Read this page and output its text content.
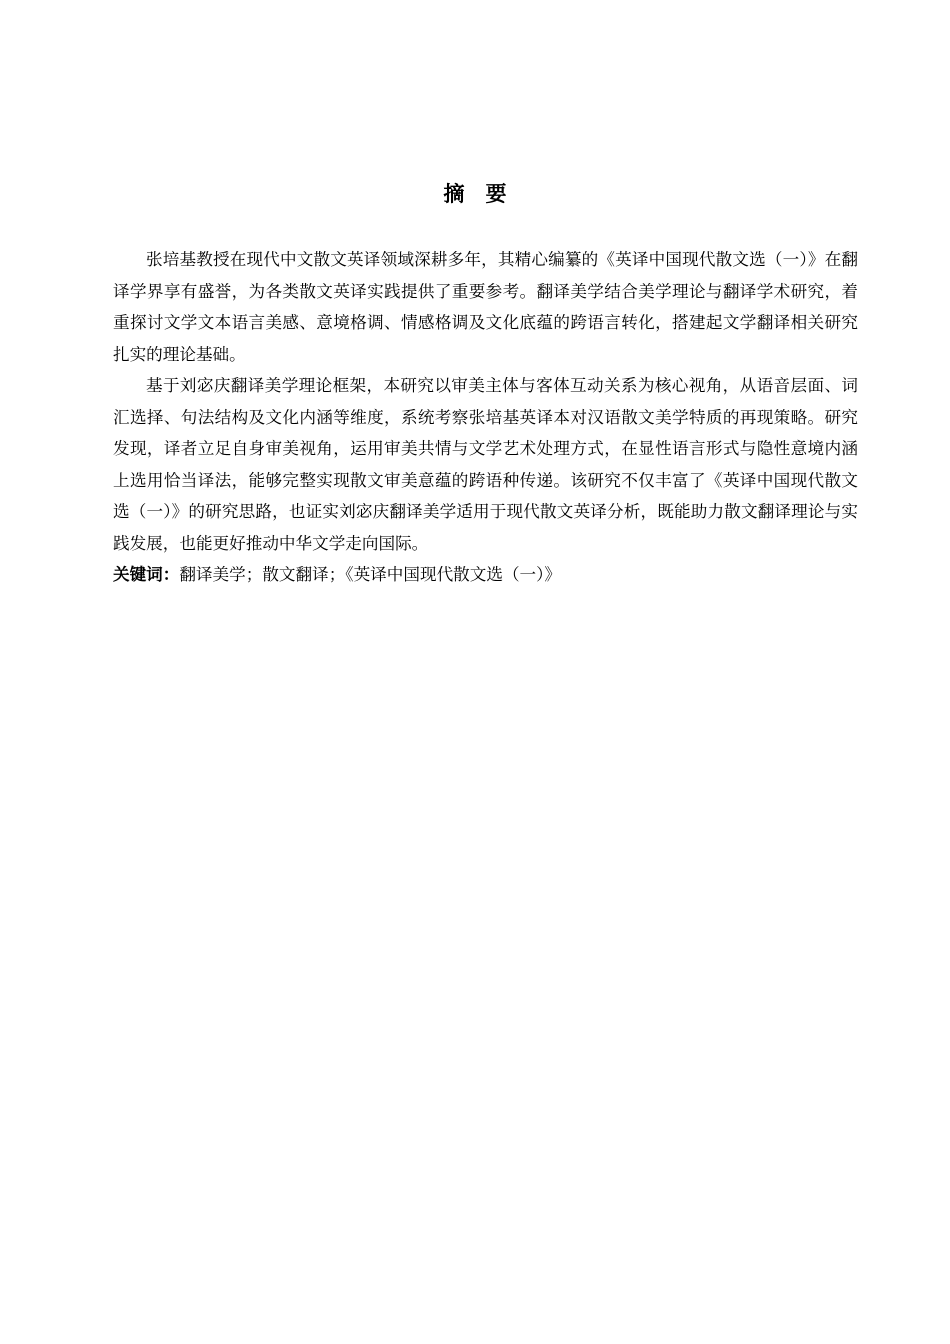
摘　要

张培基教授在现代中文散文英译领域深耕多年，其精心编纂的《英译中国现代散文选（一）》在翻译学界享有盛誉，为各类散文英译实践提供了重要参考。翻译美学结合美学理论与翻译学术研究，着重探讨文学文本语言美感、意境格调、情感格调及文化底蕴的跨语言转化，搭建起文学翻译相关研究扎实的理论基础。

基于刘宓庆翻译美学理论框架，本研究以审美主体与客体互动关系为核心视角，从语音层面、词汇选择、句法结构及文化内涵等维度，系统考察张培基英译本对汉语散文美学特质的再现策略。研究发现，译者立足自身审美视角，运用审美共情与文学艺术处理方式，在显性语言形式与隐性意境内涵上选用恰当译法，能够完整实现散文审美意蕴的跨语种传递。该研究不仅丰富了《英译中国现代散文选（一）》的研究思路，也证实刘宓庆翻译美学适用于现代散文英译分析，既能助力散文翻译理论与实践发展，也能更好推动中华文学走向国际。

关键词：翻译美学；散文翻译；《英译中国现代散文选（一）》
